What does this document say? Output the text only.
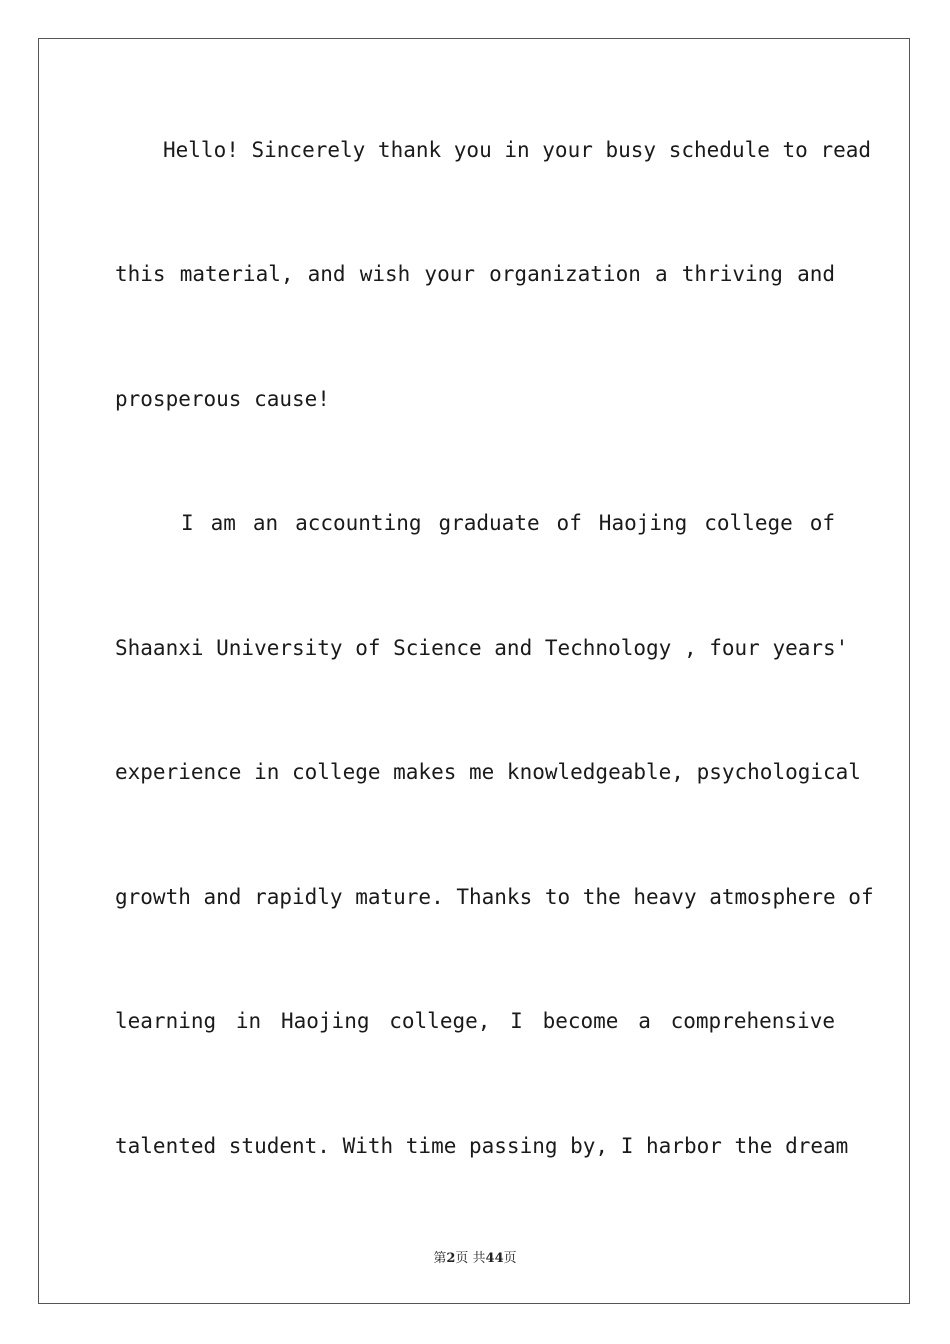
Hello! Sincerely thank you in your busy schedule to read
this material, and wish your organization a thriving and
prosperous cause!
I am an accounting graduate of Haojing college of
Shaanxi University of Science and Technology , four years'
experience in college makes me knowledgeable, psychological
growth and rapidly mature. Thanks to the heavy atmosphere of
learning in Haojing college, I become a comprehensive
talented student. With time passing by, I harbor the dream
第2页 共44页
